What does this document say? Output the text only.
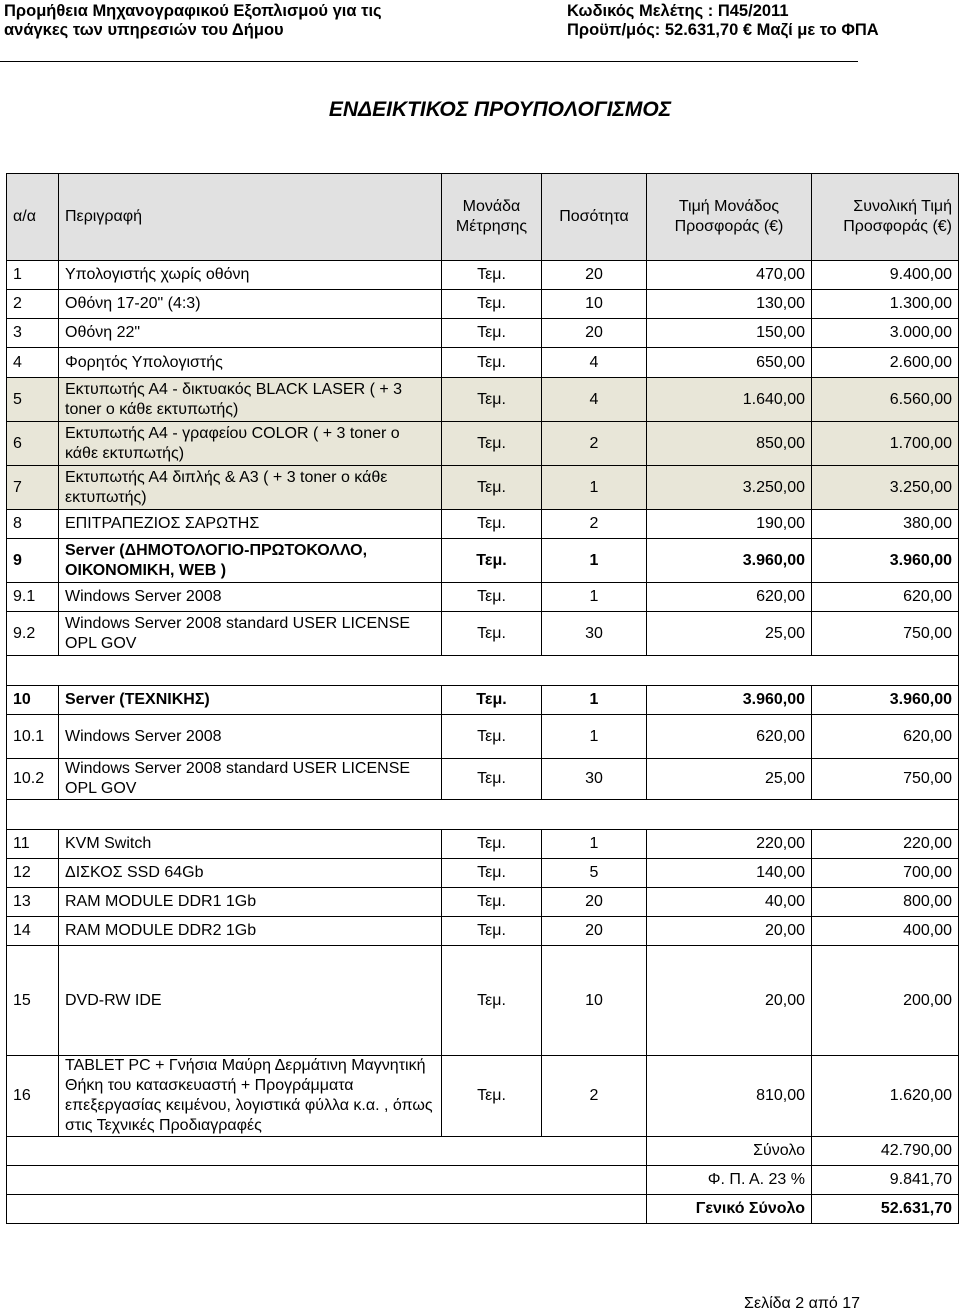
Προμήθεια Μηχανογραφικού Εξοπλισμού για τις
ανάγκες των υπηρεσιών του Δήμου
Κωδικός Μελέτης : Π45/2011
Προϋπ/μός: 52.631,70 € Μαζί με το ΦΠΑ
ΕΝΔΕΙΚΤΙΚΟΣ ΠΡΟΥΠΟΛΟΓΙΣΜΟΣ
α/α	Περιγραφή	Μονάδα Μέτρησης	Ποσότητα	Τιμή Μονάδος Προσφοράς (€)	Συνολική Τιμή Προσφοράς (€)
1	Υπολογιστής χωρίς οθόνη	Τεμ.	20	470,00	9.400,00
2	Οθόνη 17-20" (4:3)	Τεμ.	10	130,00	1.300,00
3	Οθόνη 22"	Τεμ.	20	150,00	3.000,00
4	Φορητός Υπολογιστής	Τεμ.	4	650,00	2.600,00
5	Εκτυπωτής Α4 - δικτυακός BLACK LASER ( + 3 toner ο κάθε εκτυπωτής)	Τεμ.	4	1.640,00	6.560,00
6	Εκτυπωτής Α4 - γραφείου COLOR ( + 3 toner ο κάθε εκτυπωτής)	Τεμ.	2	850,00	1.700,00
7	Εκτυπωτής Α4 διπλής & Α3 ( + 3 toner ο κάθε εκτυπωτής)	Τεμ.	1	3.250,00	3.250,00
8	ΕΠΙΤΡΑΠΕΖΙΟΣ ΣΑΡΩΤΗΣ	Τεμ.	2	190,00	380,00
9	Server (ΔΗΜΟΤΟΛΟΓΙΟ-ΠΡΩΤΟΚΟΛΛΟ, ΟΙΚΟΝΟΜΙΚΗ, WEB )	Τεμ.	1	3.960,00	3.960,00
9.1	Windows Server 2008	Τεμ.	1	620,00	620,00
9.2	Windows Server 2008 standard USER LICENSE OPL GOV	Τεμ.	30	25,00	750,00

10	Server (ΤΕΧΝΙΚΗΣ)	Τεμ.	1	3.960,00	3.960,00
10.1	Windows Server 2008	Τεμ.	1	620,00	620,00
10.2	Windows Server 2008 standard USER LICENSE OPL GOV	Τεμ.	30	25,00	750,00

11	KVM Switch	Τεμ.	1	220,00	220,00
12	ΔΙΣΚΟΣ SSD 64Gb	Τεμ.	5	140,00	700,00
13	RAM MODULE DDR1 1Gb	Τεμ.	20	40,00	800,00
14	RAM MODULE DDR2 1Gb	Τεμ.	20	20,00	400,00
15	DVD-RW IDE	Τεμ.	10	20,00	200,00
16	TABLET PC + Γνήσια Μαύρη Δερμάτινη Μαγνητική Θήκη του κατασκευαστή + Προγράμματα επεξεργασίας κειμένου, λογιστικά φύλλα κ.α. , όπως στις Τεχνικές Προδιαγραφές	Τεμ.	2	810,00	1.620,00
				Σύνολο	42.790,00
				Φ. Π. Α. 23 %	9.841,70
				Γενικό Σύνολο	52.631,70
Σελίδα 2 από 17
